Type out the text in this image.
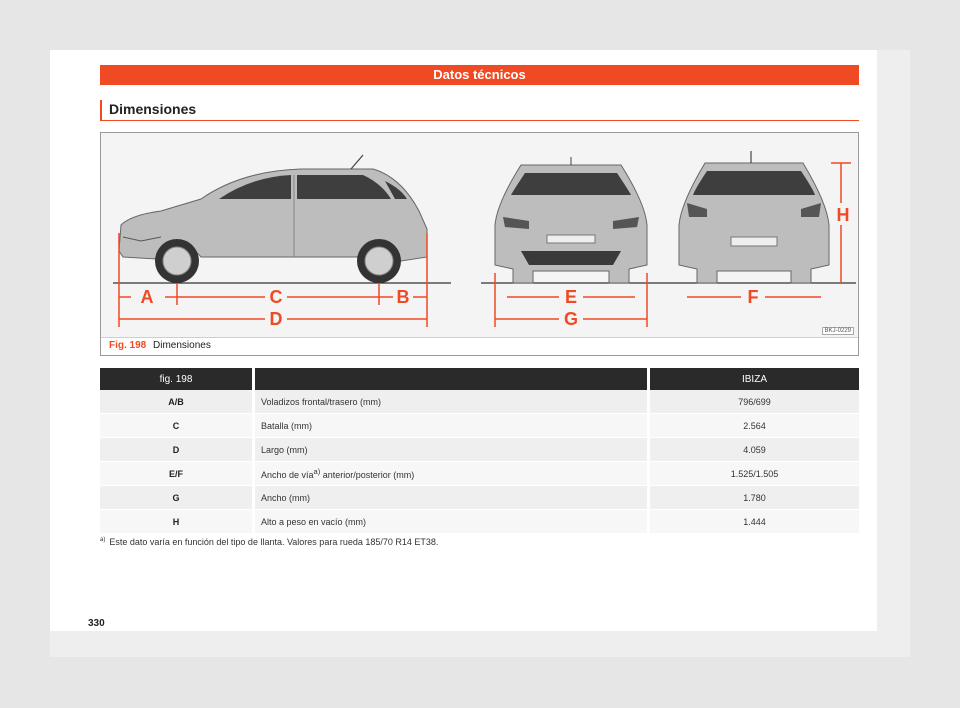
Datos técnicos
Dimensiones
A	C	B
D
E
G
F
H
BKJ-0229
Fig. 198 Dimensiones
fig. 198		IBIZA
A/B	Voladizos frontal/trasero (mm)	796/699
C	Batalla (mm)	2.564
D	Largo (mm)	4.059
E/F	Ancho de vía$^{a)}$ anterior/posterior (mm)	1.525/1.505
G	Ancho (mm)	1.780
H	Alto a peso en vacío (mm)	1.444
$^{a)}$ Este dato varía en función del tipo de llanta. Valores para rueda 185/70 R14 ET38.
330
